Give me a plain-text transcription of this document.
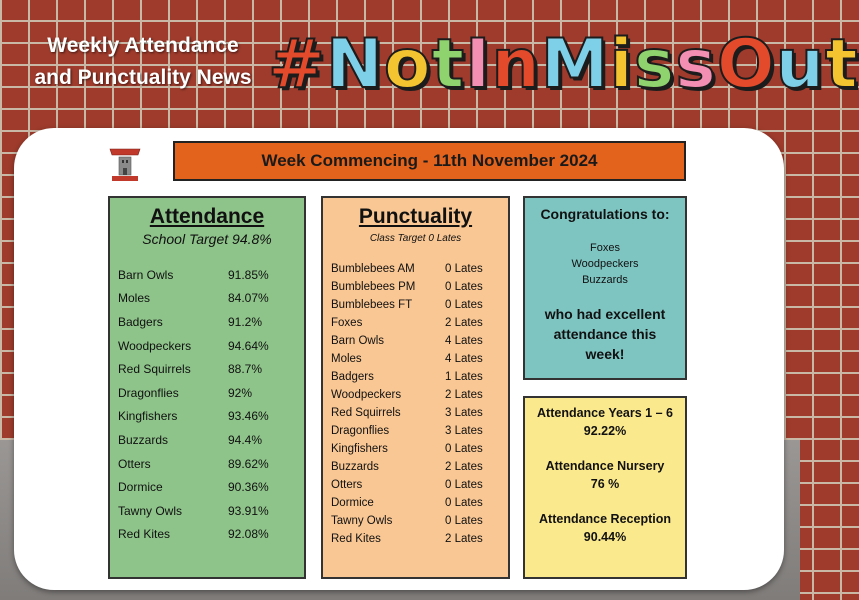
Weekly Attendance
and Punctuality News #NotInMissOut
Week Commencing - 11th November 2024
Attendance
School Target 94.8%
Barn Owls	91.85%
Moles	84.07%
Badgers	91.2%
Woodpeckers	94.64%
Red Squirrels	88.7%
Dragonflies	92%
Kingfishers	93.46%
Buzzards	94.4%
Otters	89.62%
Dormice	90.36%
Tawny Owls	93.91%
Red Kites	92.08%
Punctuality
Class Target 0 Lates
Bumblebees AM	0 Lates
Bumblebees PM	0 Lates
Bumblebees FT	0 Lates
Foxes	2 Lates
Barn Owls	4 Lates
Moles	4 Lates
Badgers	1 Lates
Woodpeckers	2 Lates
Red Squirrels	3 Lates
Dragonflies	3 Lates
Kingfishers	0 Lates
Buzzards	2 Lates
Otters	0 Lates
Dormice	0 Lates
Tawny Owls	0 Lates
Red Kites	2 Lates
Congratulations to:
Foxes
Woodpeckers
Buzzards
who had excellent attendance this week!
Attendance Years 1 – 6
92.22%
Attendance Nursery
76 %
Attendance Reception
90.44%
